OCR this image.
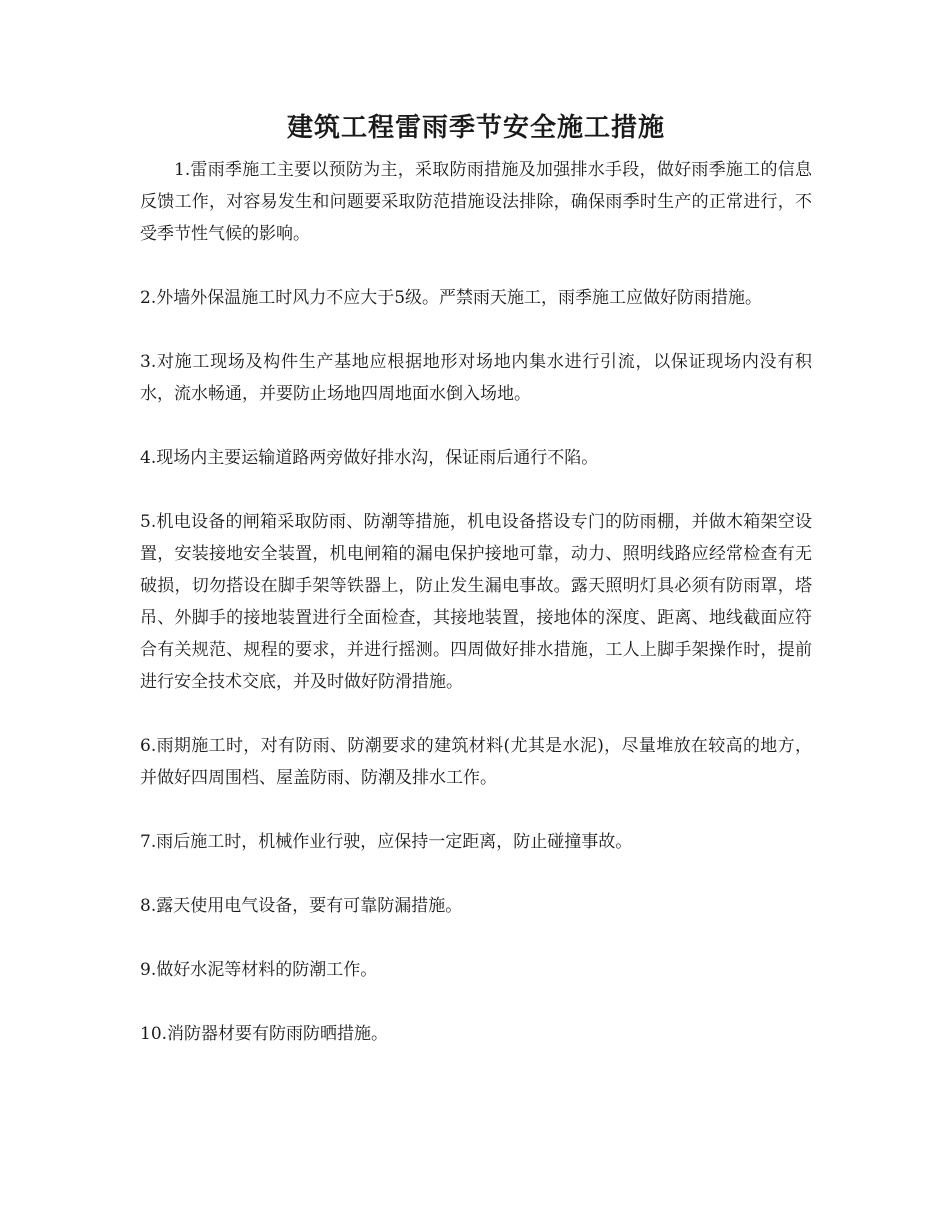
建筑工程雷雨季节安全施工措施

1.雷雨季施工主要以预防为主，采取防雨措施及加强排水手段，做好雨季施工的信息反馈工作，对容易发生和问题要采取防范措施设法排除，确保雨季时生产的正常进行，不受季节性气候的影响。

2.外墙外保温施工时风力不应大于5级。严禁雨天施工，雨季施工应做好防雨措施。

3.对施工现场及构件生产基地应根据地形对场地内集水进行引流，以保证现场内没有积水，流水畅通，并要防止场地四周地面水倒入场地。

4.现场内主要运输道路两旁做好排水沟，保证雨后通行不陷。

5.机电设备的闸箱采取防雨、防潮等措施，机电设备搭设专门的防雨棚，并做木箱架空设置，安装接地安全装置，机电闸箱的漏电保护接地可靠，动力、照明线路应经常检查有无破损，切勿搭设在脚手架等铁器上，防止发生漏电事故。露天照明灯具必须有防雨罩，塔吊、外脚手的接地装置进行全面检查，其接地装置，接地体的深度、距离、地线截面应符合有关规范、规程的要求，并进行摇测。四周做好排水措施，工人上脚手架操作时，提前进行安全技术交底，并及时做好防滑措施。

6.雨期施工时，对有防雨、防潮要求的建筑材料(尤其是水泥)，尽量堆放在较高的地方，并做好四周围档、屋盖防雨、防潮及排水工作。

7.雨后施工时，机械作业行驶，应保持一定距离，防止碰撞事故。

8.露天使用电气设备，要有可靠防漏措施。

9.做好水泥等材料的防潮工作。

10.消防器材要有防雨防晒措施。
